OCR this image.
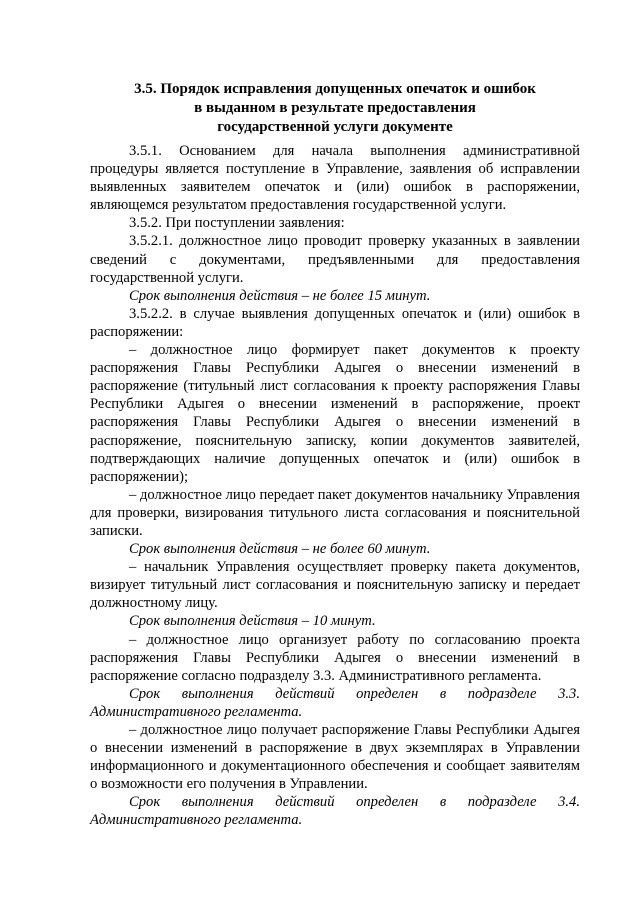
3.5. Порядок исправления допущенных опечаток и ошибок
в выданном в результате предоставления
государственной услуги документе

3.5.1. Основанием для начала выполнения административной процедуры является поступление в Управление, заявления об исправлении выявленных заявителем опечаток и (или) ошибок в распоряжении, являющемся результатом предоставления государственной услуги.

3.5.2. При поступлении заявления:

3.5.2.1. должностное лицо проводит проверку указанных в заявлении сведений с документами, предъявленными для предоставления государственной услуги.

Срок выполнения действия – не более 15 минут.

3.5.2.2. в случае выявления допущенных опечаток и (или) ошибок в распоряжении:

– должностное лицо формирует пакет документов к проекту распоряжения Главы Республики Адыгея о внесении изменений в распоряжение (титульный лист согласования к проекту распоряжения Главы Республики Адыгея о внесении изменений в распоряжение, проект распоряжения Главы Республики Адыгея о внесении изменений в распоряжение, пояснительную записку, копии документов заявителей, подтверждающих наличие допущенных опечаток и (или) ошибок в распоряжении);

– должностное лицо передает пакет документов начальнику Управления для проверки, визирования титульного листа согласования и пояснительной записки.

Срок выполнения действия – не более 60 минут.

– начальник Управления осуществляет проверку пакета документов, визирует титульный лист согласования и пояснительную записку и передает должностному лицу.

Срок выполнения действия – 10 минут.

– должностное лицо организует работу по согласованию проекта распоряжения Главы Республики Адыгея о внесении изменений в распоряжение согласно подразделу 3.3. Административного регламента.

Срок выполнения действий определен в подразделе 3.3. Административного регламента.

– должностное лицо получает распоряжение Главы Республики Адыгея о внесении изменений в распоряжение в двух экземплярах в Управлении информационного и документационного обеспечения и сообщает заявителям о возможности его получения в Управлении.

Срок выполнения действий определен в подразделе 3.4. Административного регламента.
